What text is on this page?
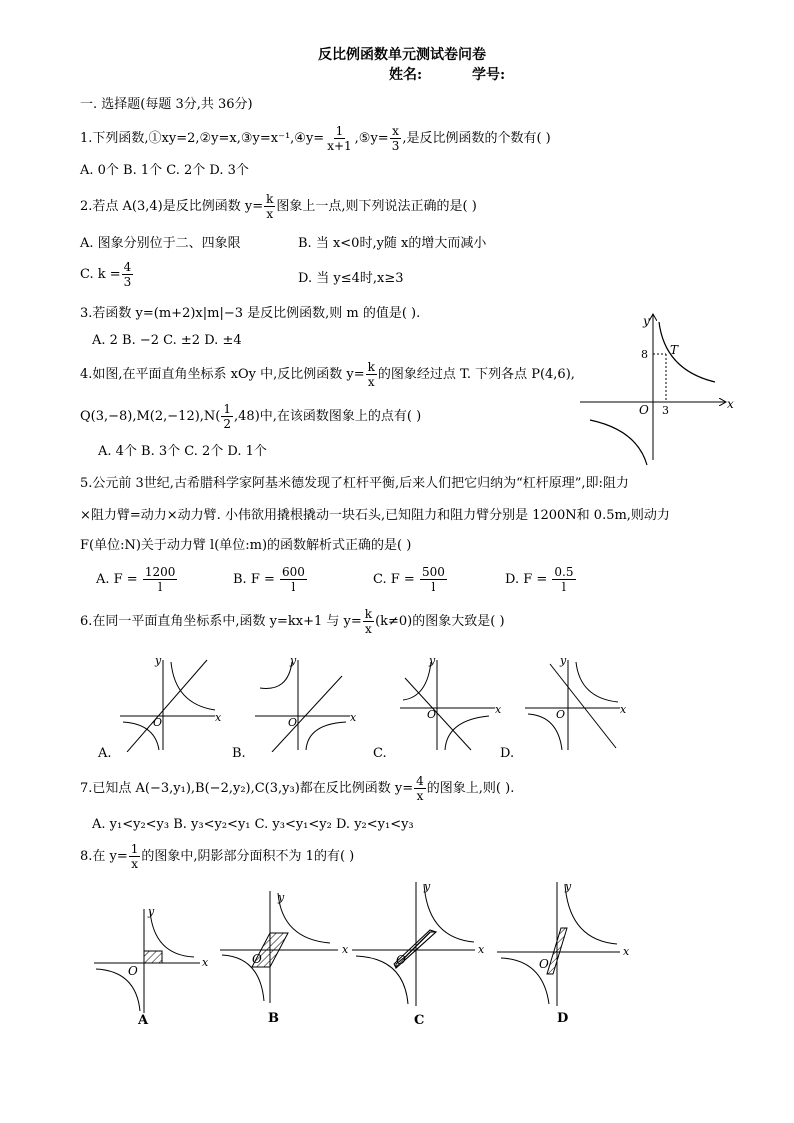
反比例函数单元测试卷问卷
姓名:	学号:
一. 选择题(每题 3分,共 36分)
1.下列函数,①xy=2,②y=x,③y=x⁻¹,④y= $\frac{1}{x+1}$ ,⑤y= $\frac{x}{3}$ ,是反比例函数的个数有( )
A. 0个 B. 1个 C. 2个 D. 3个
2.若点 A(3,4)是反比例函数 $y= \frac{k}{x}$ 图象上一点,则下列说法正确的是( )
A. 图象分别位于二、四象限	B. 当 x<0时,y随 x的增大而减小
C. $k = \frac{4}{3}$	D. 当 y≤4时,x≥3
3.若函数 y=(m+2)x|m|−3 是反比例函数,则 m 的值是( ).
A. 2 B. −2 C. ±2 D. ±4
4.如图,在平面直角坐标系 xOy 中,反比例函数 $y= \frac{k}{x}$ 的图象经过点 T. 下列各点 P(4,6),
$Q(3,-8),M(2,-12),N( \frac{1}{2} ,48)$中,在该函数图象上的点有( )
A. 4个 B. 3个 C. 2个 D. 1个
y
x
O
T
8
3
5.公元前 3世纪,古希腊科学家阿基米德发现了杠杆平衡,后来人们把它归纳为“杠杆原理”,即:阻力
×阻力臂=动力×动力臂. 小伟欲用撬根撬动一块石头,已知阻力和阻力臂分别是 1200N和 0.5m,则动力
F(单位:N)关于动力臂 l(单位:m)的函数解析式正确的是( )
A. $F = \frac{1200}{l}$	B. $F = \frac{600}{l}$	C. $F = \frac{500}{l}$	D. $F = \frac{0.5}{l}$
6.在同一平面直角坐标系中,函数 y=kx+1 与 $y= \frac{k}{x} (k\ne 0)$的图象大致是( )
y
x
O
y
x
O
y
x
O
y
x
O
A.	B.	C.	D.
7.已知点 A(−3,y₁),B(−2,y₂),C(3,y₃)都在反比例函数 $y= \frac{4}{x}$ 的图象上,则( ).
A. y₁<y₂<y₃ B. y₃<y₂<y₁ C. y₃<y₁<y₂ D. y₂<y₁<y₃
8.在 $y= \frac{1}{x}$ 的图象中,阴影部分面积不为 1的有( )
y
x
O
y
x
O
y
x
O
y
x
O
A	B	C	D
